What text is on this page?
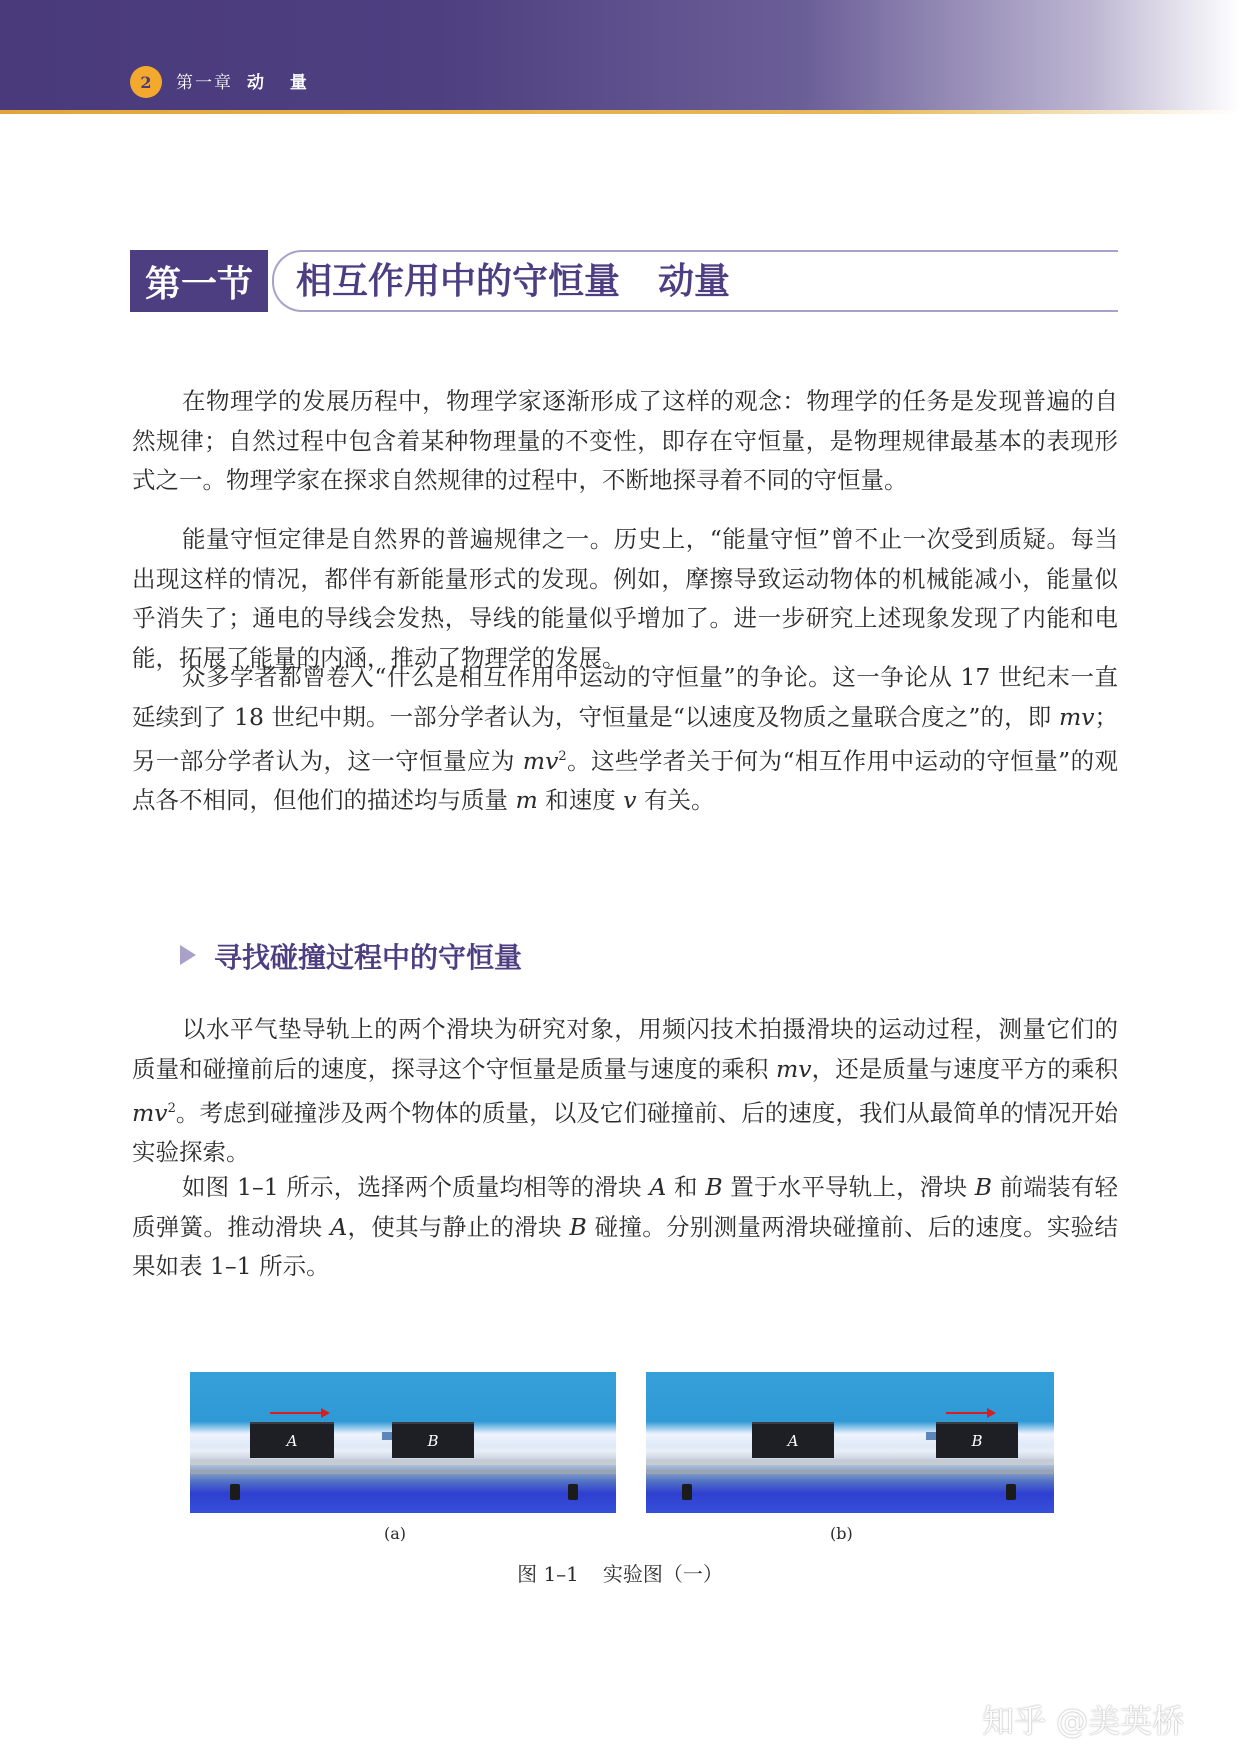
2	第一章 动 量
第一节	相互作用中的守恒量 动量

在物理学的发展历程中，物理学家逐渐形成了这样的观念：物理学的任务是发现普遍的自然规律；自然过程中包含着某种物理量的不变性，即存在守恒量，是物理规律最基本的表现形式之一。物理学家在探求自然规律的过程中，不断地探寻着不同的守恒量。

能量守恒定律是自然界的普遍规律之一。历史上，“能量守恒”曾不止一次受到质疑。每当出现这样的情况，都伴有新能量形式的发现。例如，摩擦导致运动物体的机械能减小，能量似乎消失了；通电的导线会发热，导线的能量似乎增加了。进一步研究上述现象发现了内能和电能，拓展了能量的内涵，推动了物理学的发展。

众多学者都曾卷入“什么是相互作用中运动的守恒量”的争论。这一争论从 17 世纪末一直延续到了 18 世纪中期。一部分学者认为，守恒量是“以速度及物质之量联合度之”的，即 mv；另一部分学者认为，这一守恒量应为 $mv^2$。这些学者关于何为“相互作用中运动的守恒量”的观点各不相同，但他们的描述均与质量 m 和速度 v 有关。

寻找碰撞过程中的守恒量

以水平气垫导轨上的两个滑块为研究对象，用频闪技术拍摄滑块的运动过程，测量它们的质量和碰撞前后的速度，探寻这个守恒量是质量与速度的乘积 mv，还是质量与速度平方的乘积 $mv^2$。考虑到碰撞涉及两个物体的质量，以及它们碰撞前、后的速度，我们从最简单的情况开始实验探索。

如图 1–1 所示，选择两个质量均相等的滑块 A 和 B 置于水平导轨上，滑块 B 前端装有轻质弹簧。推动滑块 A，使其与静止的滑块 B 碰撞。分别测量两滑块碰撞前、后的速度。实验结果如表 1–1 所示。

A	B	A	B
(a)	(b)
图 1–1 实验图（一）
知乎 @美英桥
